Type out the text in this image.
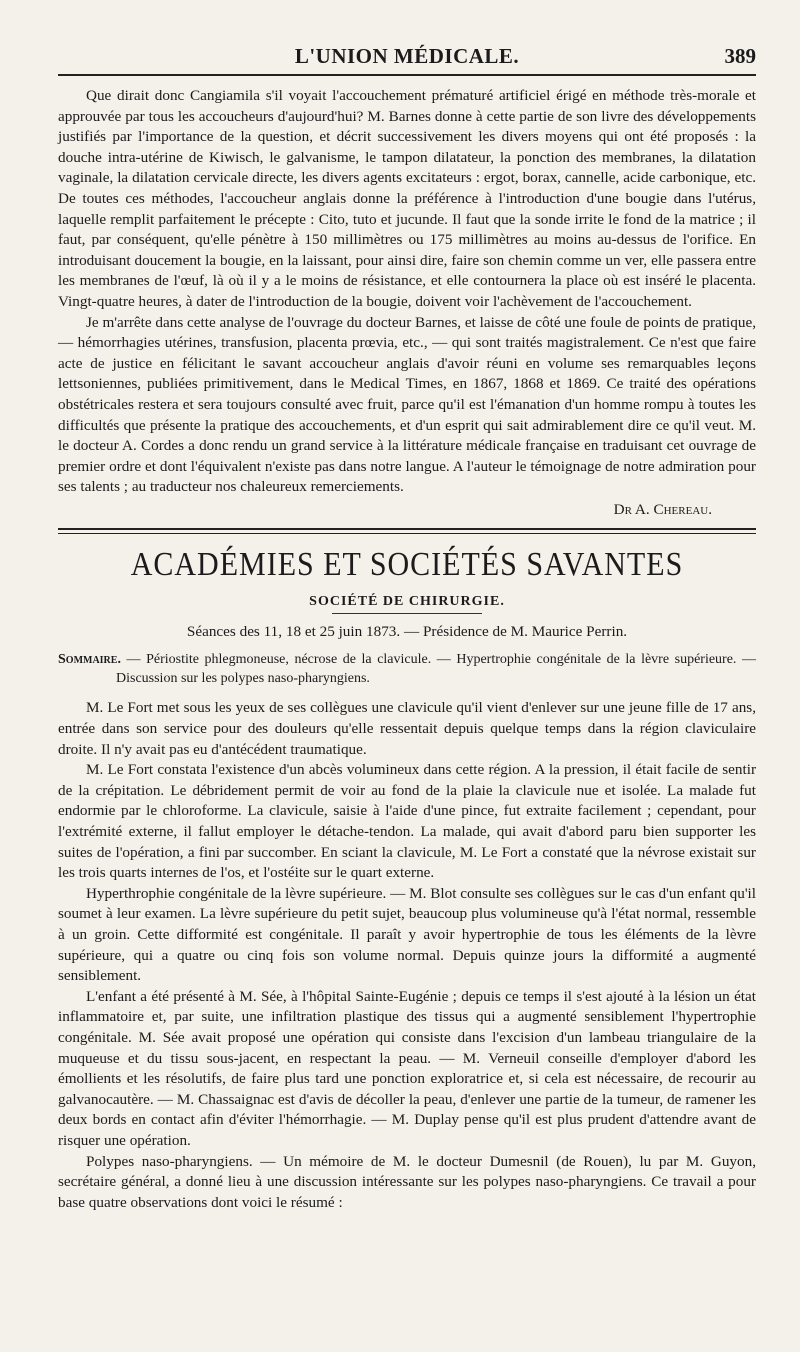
L'UNION MÉDICALE.	389

Que dirait donc Cangiamila s'il voyait l'accouchement prématuré artificiel érigé en méthode très-morale et approuvée par tous les accoucheurs d'aujourd'hui? M. Barnes donne à cette partie de son livre des développements justifiés par l'importance de la question, et décrit successivement les divers moyens qui ont été proposés : la douche intra-utérine de Kiwisch, le galvanisme, le tampon dilatateur, la ponction des membranes, la dilatation vaginale, la dilatation cervicale directe, les divers agents excitateurs : ergot, borax, cannelle, acide carbonique, etc. De toutes ces méthodes, l'accoucheur anglais donne la préférence à l'introduction d'une bougie dans l'utérus, laquelle remplit parfaitement le précepte : Cito, tuto et jucunde. Il faut que la sonde irrite le fond de la matrice ; il faut, par conséquent, qu'elle pénètre à 150 millimètres ou 175 millimètres au moins au-dessus de l'orifice. En introduisant doucement la bougie, en la laissant, pour ainsi dire, faire son chemin comme un ver, elle passera entre les membranes de l'œuf, là où il y a le moins de résistance, et elle contournera la place où est inséré le placenta. Vingt-quatre heures, à dater de l'introduction de la bougie, doivent voir l'achèvement de l'accouchement.

Je m'arrête dans cette analyse de l'ouvrage du docteur Barnes, et laisse de côté une foule de points de pratique, — hémorrhagies utérines, transfusion, placenta prœvia, etc., — qui sont traités magistralement. Ce n'est que faire acte de justice en félicitant le savant accoucheur anglais d'avoir réuni en volume ses remarquables leçons lettsoniennes, publiées primitivement, dans le Medical Times, en 1867, 1868 et 1869. Ce traité des opérations obstétricales restera et sera toujours consulté avec fruit, parce qu'il est l'émanation d'un homme rompu à toutes les difficultés que présente la pratique des accouchements, et d'un esprit qui sait admirablement dire ce qu'il veut. M. le docteur A. Cordes a donc rendu un grand service à la littérature médicale française en traduisant cet ouvrage de premier ordre et dont l'équivalent n'existe pas dans notre langue. A l'auteur le témoignage de notre admiration pour ses talents ; au traducteur nos chaleureux remerciements.

Dr A. Chereau.
ACADÉMIES ET SOCIÉTÉS SAVANTES
SOCIÉTÉ DE CHIRURGIE.
Séances des 11, 18 et 25 juin 1873. — Présidence de M. Maurice Perrin.
Sommaire. — Périostite phlegmoneuse, nécrose de la clavicule. — Hypertrophie congénitale de la lèvre supérieure. — Discussion sur les polypes naso-pharyngiens.

M. Le Fort met sous les yeux de ses collègues une clavicule qu'il vient d'enlever sur une jeune fille de 17 ans, entrée dans son service pour des douleurs qu'elle ressentait depuis quelque temps dans la région claviculaire droite. Il n'y avait pas eu d'antécédent traumatique.

M. Le Fort constata l'existence d'un abcès volumineux dans cette région. A la pression, il était facile de sentir de la crépitation. Le débridement permit de voir au fond de la plaie la clavicule nue et isolée. La malade fut endormie par le chloroforme. La clavicule, saisie à l'aide d'une pince, fut extraite facilement ; cependant, pour l'extrémité externe, il fallut employer le détache-tendon. La malade, qui avait d'abord paru bien supporter les suites de l'opération, a fini par succomber. En sciant la clavicule, M. Le Fort a constaté que la névrose existait sur les trois quarts internes de l'os, et l'ostéite sur le quart externe.

Hyperthrophie congénitale de la lèvre supérieure. — M. Blot consulte ses collègues sur le cas d'un enfant qu'il soumet à leur examen. La lèvre supérieure du petit sujet, beaucoup plus volumineuse qu'à l'état normal, ressemble à un groin. Cette difformité est congénitale. Il paraît y avoir hypertrophie de tous les éléments de la lèvre supérieure, qui a quatre ou cinq fois son volume normal. Depuis quinze jours la difformité a augmenté sensiblement.

L'enfant a été présenté à M. Sée, à l'hôpital Sainte-Eugénie ; depuis ce temps il s'est ajouté à la lésion un état inflammatoire et, par suite, une infiltration plastique des tissus qui a augmenté sensiblement l'hypertrophie congénitale. M. Sée avait proposé une opération qui consiste dans l'excision d'un lambeau triangulaire de la muqueuse et du tissu sous-jacent, en respectant la peau. — M. Verneuil conseille d'employer d'abord les émollients et les résolutifs, de faire plus tard une ponction exploratrice et, si cela est nécessaire, de recourir au galvanocautère. — M. Chassaignac est d'avis de décoller la peau, d'enlever une partie de la tumeur, de ramener les deux bords en contact afin d'éviter l'hémorrhagie. — M. Duplay pense qu'il est plus prudent d'attendre avant de risquer une opération.

Polypes naso-pharyngiens. — Un mémoire de M. le docteur Dumesnil (de Rouen), lu par M. Guyon, secrétaire général, a donné lieu à une discussion intéressante sur les polypes naso-pharyngiens. Ce travail a pour base quatre observations dont voici le résumé :
